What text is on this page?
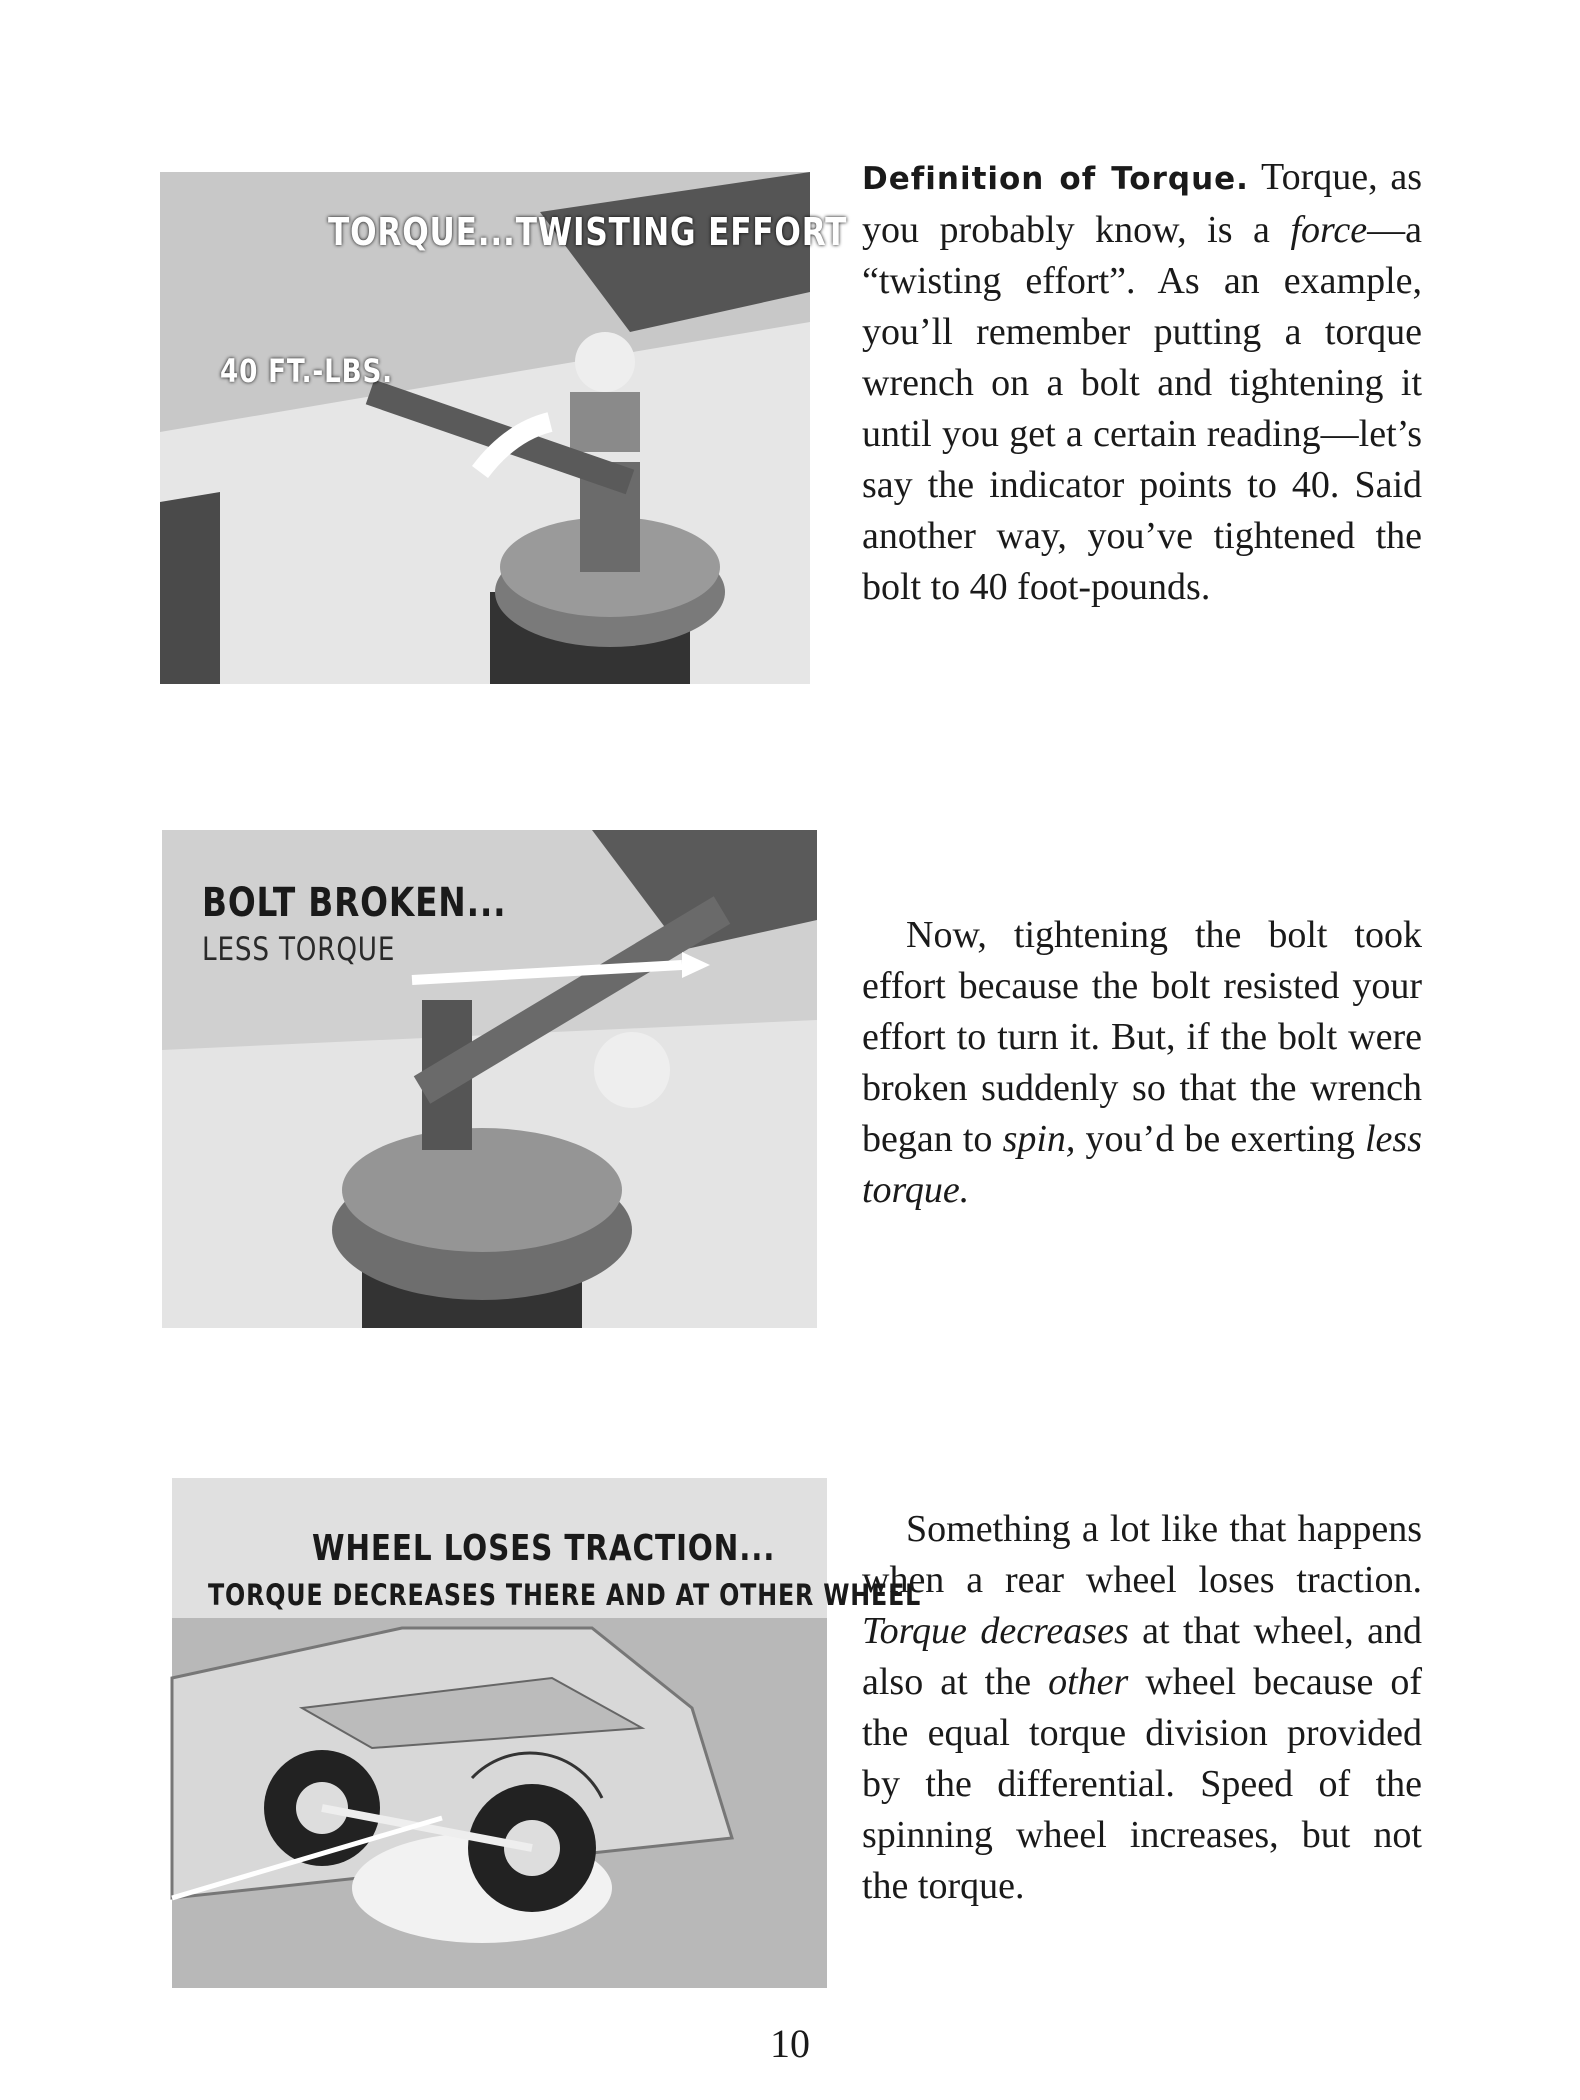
TORQUE...TWISTING EFFORT
40 FT.-LBS.

Definition of Torque. Torque, as you probably know, is a force—a “twisting effort”. As an example, you’ll remember putting a torque wrench on a bolt and tightening it until you get a certain reading—let’s say the indicator points to 40. Said another way, you’ve tightened the bolt to 40 foot-pounds.

BOLT BROKEN...
LESS TORQUE	Now, tightening the bolt took effort because the bolt resisted your effort to turn it. But, if the bolt were broken suddenly so that the wrench began to spin, you’d be exerting less torque.

WHEEL LOSES TRACTION...
TORQUE DECREASES THERE AND AT OTHER WHEEL

Something a lot like that happens when a rear wheel loses traction. Torque decreases at that wheel, and also at the other wheel because of the equal torque division provided by the differential. Speed of the spinning wheel increases, but not the torque.

10
